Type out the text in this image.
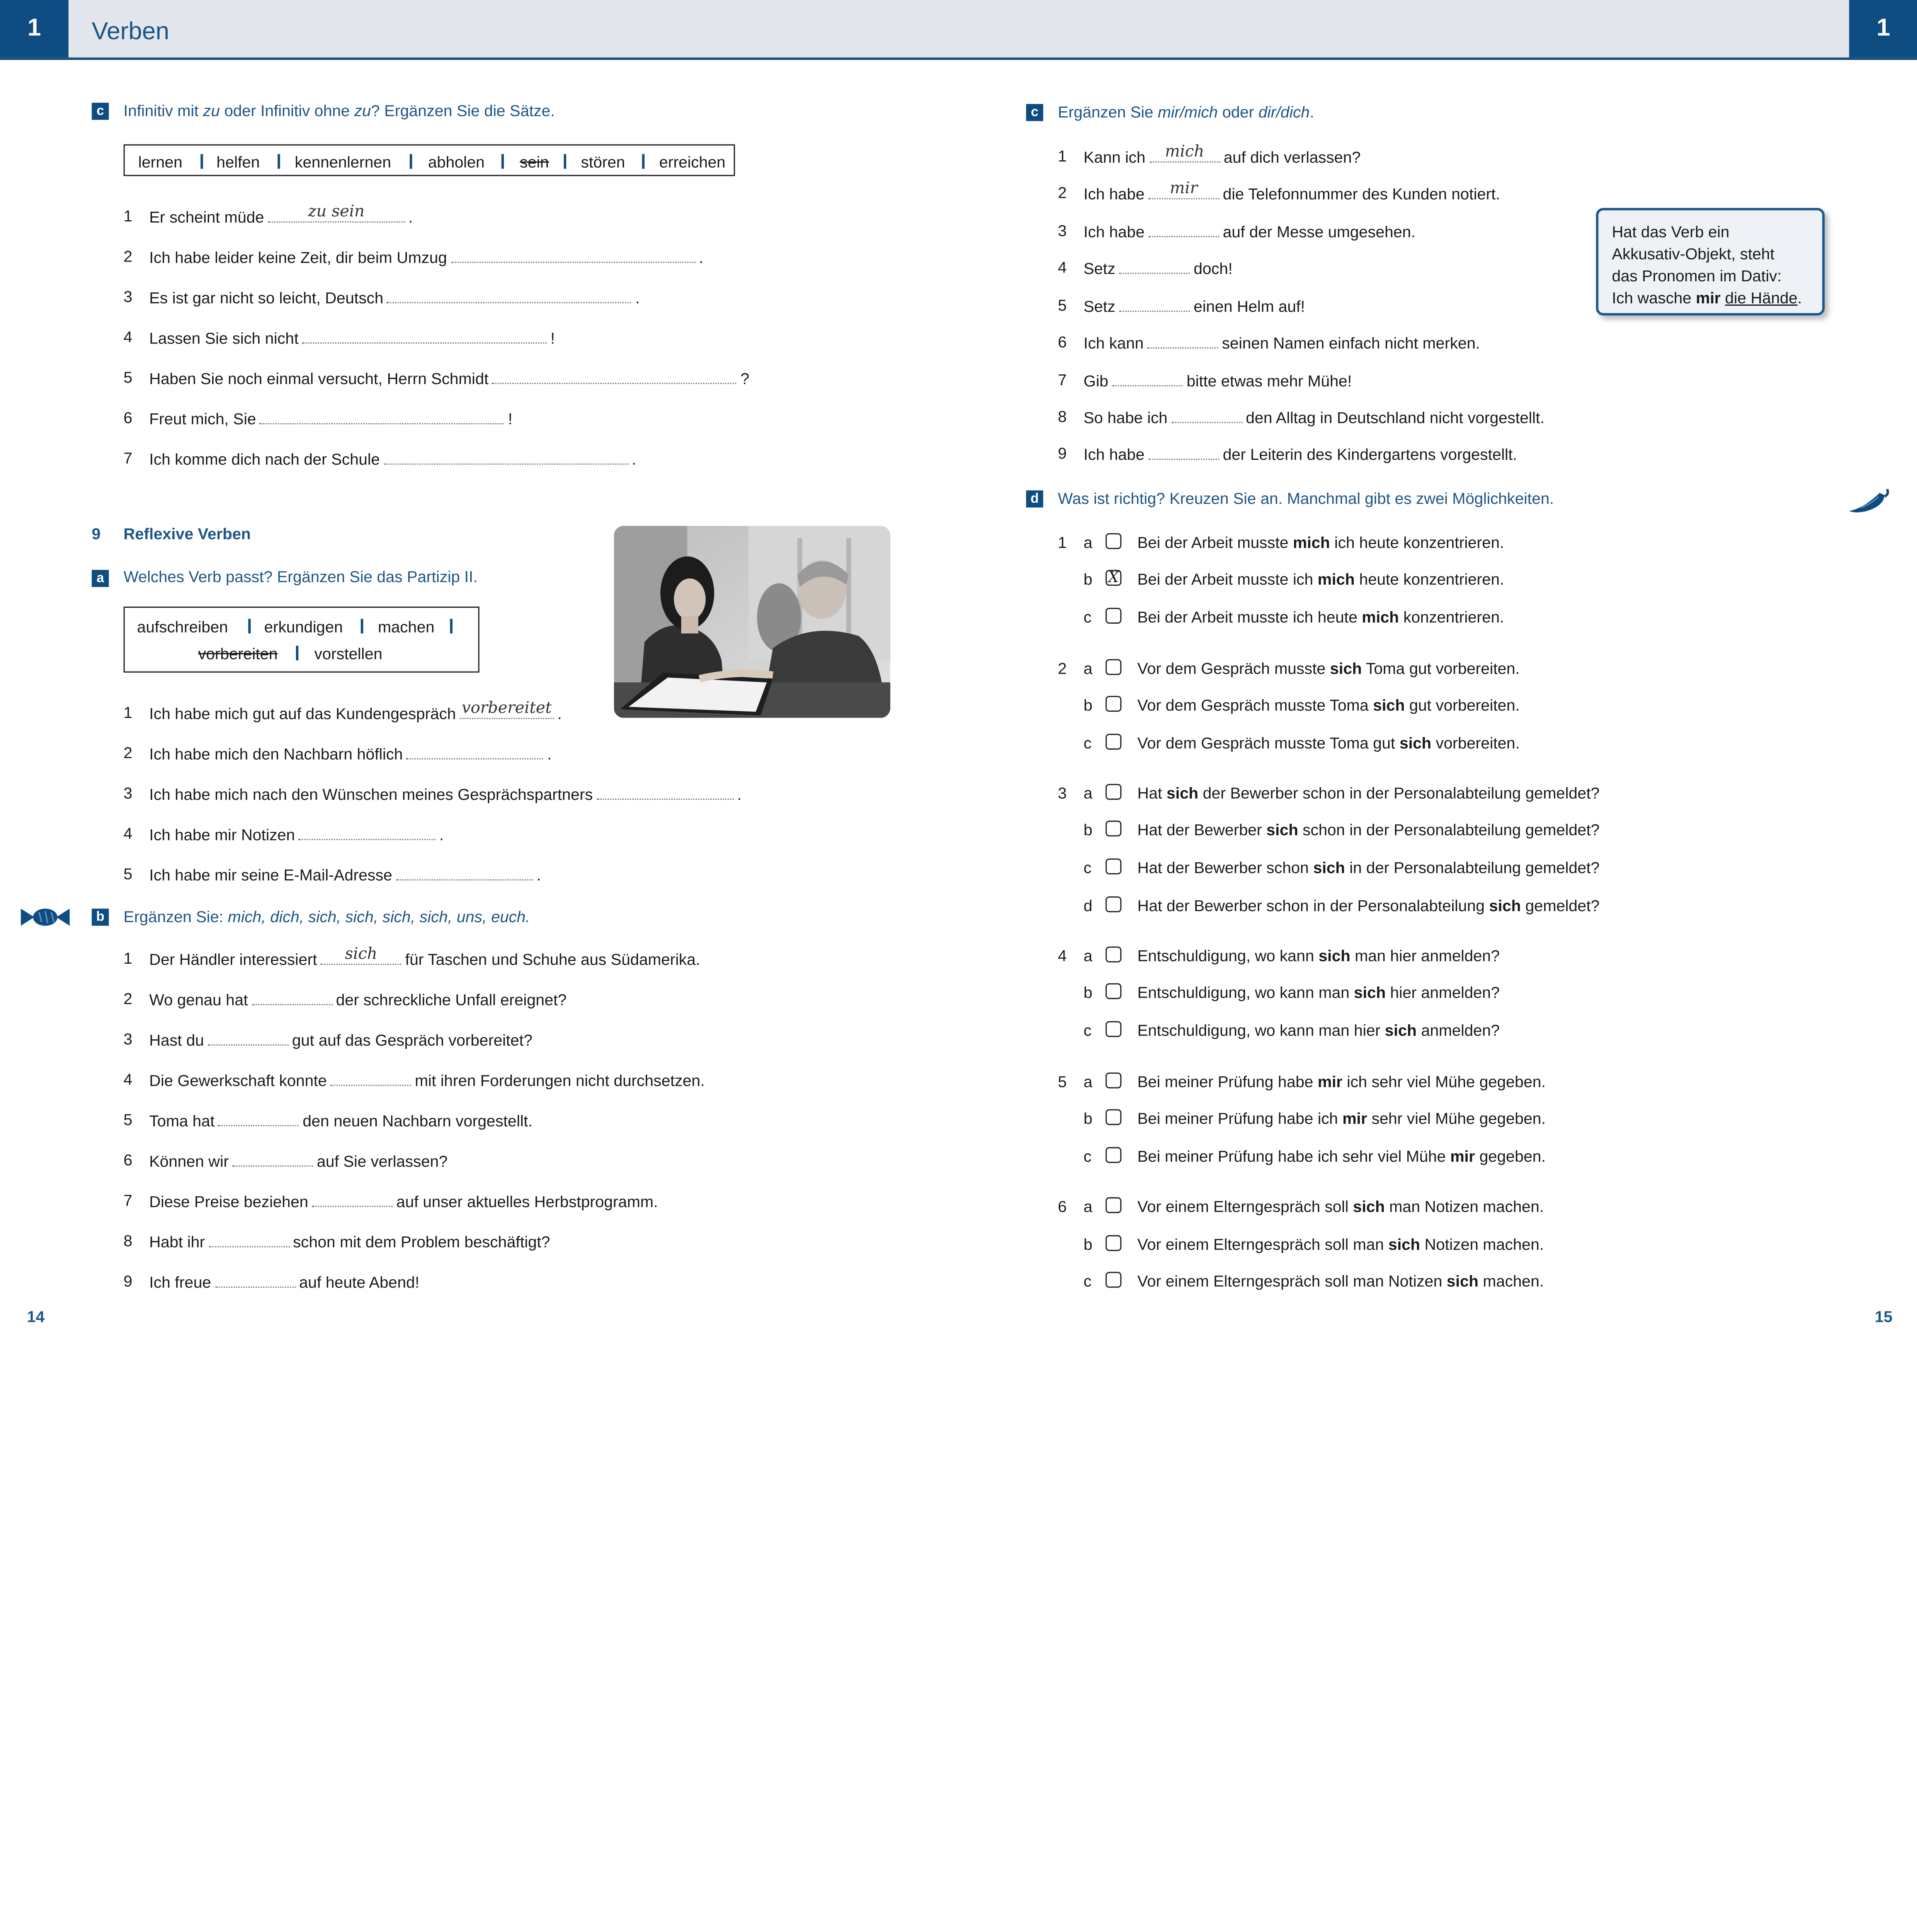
1	Verben	1
c	Infinitiv mit zu oder Infinitiv ohne zu? Ergänzen Sie die Sätze.
lernen	helfen	kennenlernen	abholen	sein	stören	erreichen
1	Er scheint müde	zu sein	.
2	Ich habe leider keine Zeit, dir beim Umzug	.
3	Es ist gar nicht so leicht, Deutsch	.
4	Lassen Sie sich nicht	!
5	Haben Sie noch einmal versucht, Herrn Schmidt	?
6	Freut mich, Sie	!
7	Ich komme dich nach der Schule	.
9	Reflexive Verben
a	Welches Verb passt? Ergänzen Sie das Partizip II.
aufschreiben	erkundigen	machen
vorbereiten	vorstellen
1	Ich habe mich gut auf das Kundengespräch	vorbereitet	.
2	Ich habe mich den Nachbarn höflich	.
3	Ich habe mich nach den Wünschen meines Gesprächspartners	.
4	Ich habe mir Notizen	.
5	Ich habe mir seine E-Mail-Adresse	.
b	Ergänzen Sie: mich, dich, sich, sich, sich, sich, uns, euch.
1	Der Händler interessiert	sich	für Taschen und Schuhe aus Südamerika.
2	Wo genau hat	der schreckliche Unfall ereignet?
3	Hast du	gut auf das Gespräch vorbereitet?
4	Die Gewerkschaft konnte	mit ihren Forderungen nicht durchsetzen.
5	Toma hat	den neuen Nachbarn vorgestellt.
6	Können wir	auf Sie verlassen?
7	Diese Preise beziehen	auf unser aktuelles Herbstprogramm.
8	Habt ihr	schon mit dem Problem beschäftigt?
9	Ich freue	auf heute Abend!
14
c	Ergänzen Sie mir/mich oder dir/dich.
1	Kann ich	mich	auf dich verlassen?
2	Ich habe	mir	die Telefonnummer des Kunden notiert.
3	Ich habe	auf der Messe umgesehen.
4	Setz	doch!
5	Setz	einen Helm auf!
6	Ich kann	seinen Namen einfach nicht merken.
7	Gib	bitte etwas mehr Mühe!
8	So habe ich	den Alltag in Deutschland nicht vorgestellt.
9	Ich habe	der Leiterin des Kindergartens vorgestellt.
Hat das Verb ein
Akkusativ-Objekt, steht
das Pronomen im Dativ:
Ich wasche mir die Hände.
d	Was ist richtig? Kreuzen Sie an. Manchmal gibt es zwei Möglichkeiten.
1	a	Bei der Arbeit musste mich ich heute konzentrieren.
b	X	Bei der Arbeit musste ich mich heute konzentrieren.
c	Bei der Arbeit musste ich heute mich konzentrieren.
2	a	Vor dem Gespräch musste sich Toma gut vorbereiten.
b	Vor dem Gespräch musste Toma sich gut vorbereiten.
c	Vor dem Gespräch musste Toma gut sich vorbereiten.
3	a	Hat sich der Bewerber schon in der Personalabteilung gemeldet?
b	Hat der Bewerber sich schon in der Personalabteilung gemeldet?
c	Hat der Bewerber schon sich in der Personalabteilung gemeldet?
d	Hat der Bewerber schon in der Personalabteilung sich gemeldet?
4	a	Entschuldigung, wo kann sich man hier anmelden?
b	Entschuldigung, wo kann man sich hier anmelden?
c	Entschuldigung, wo kann man hier sich anmelden?
5	a	Bei meiner Prüfung habe mir ich sehr viel Mühe gegeben.
b	Bei meiner Prüfung habe ich mir sehr viel Mühe gegeben.
c	Bei meiner Prüfung habe ich sehr viel Mühe mir gegeben.
6	a	Vor einem Elterngespräch soll sich man Notizen machen.
b	Vor einem Elterngespräch soll man sich Notizen machen.
c	Vor einem Elterngespräch soll man Notizen sich machen.
15
